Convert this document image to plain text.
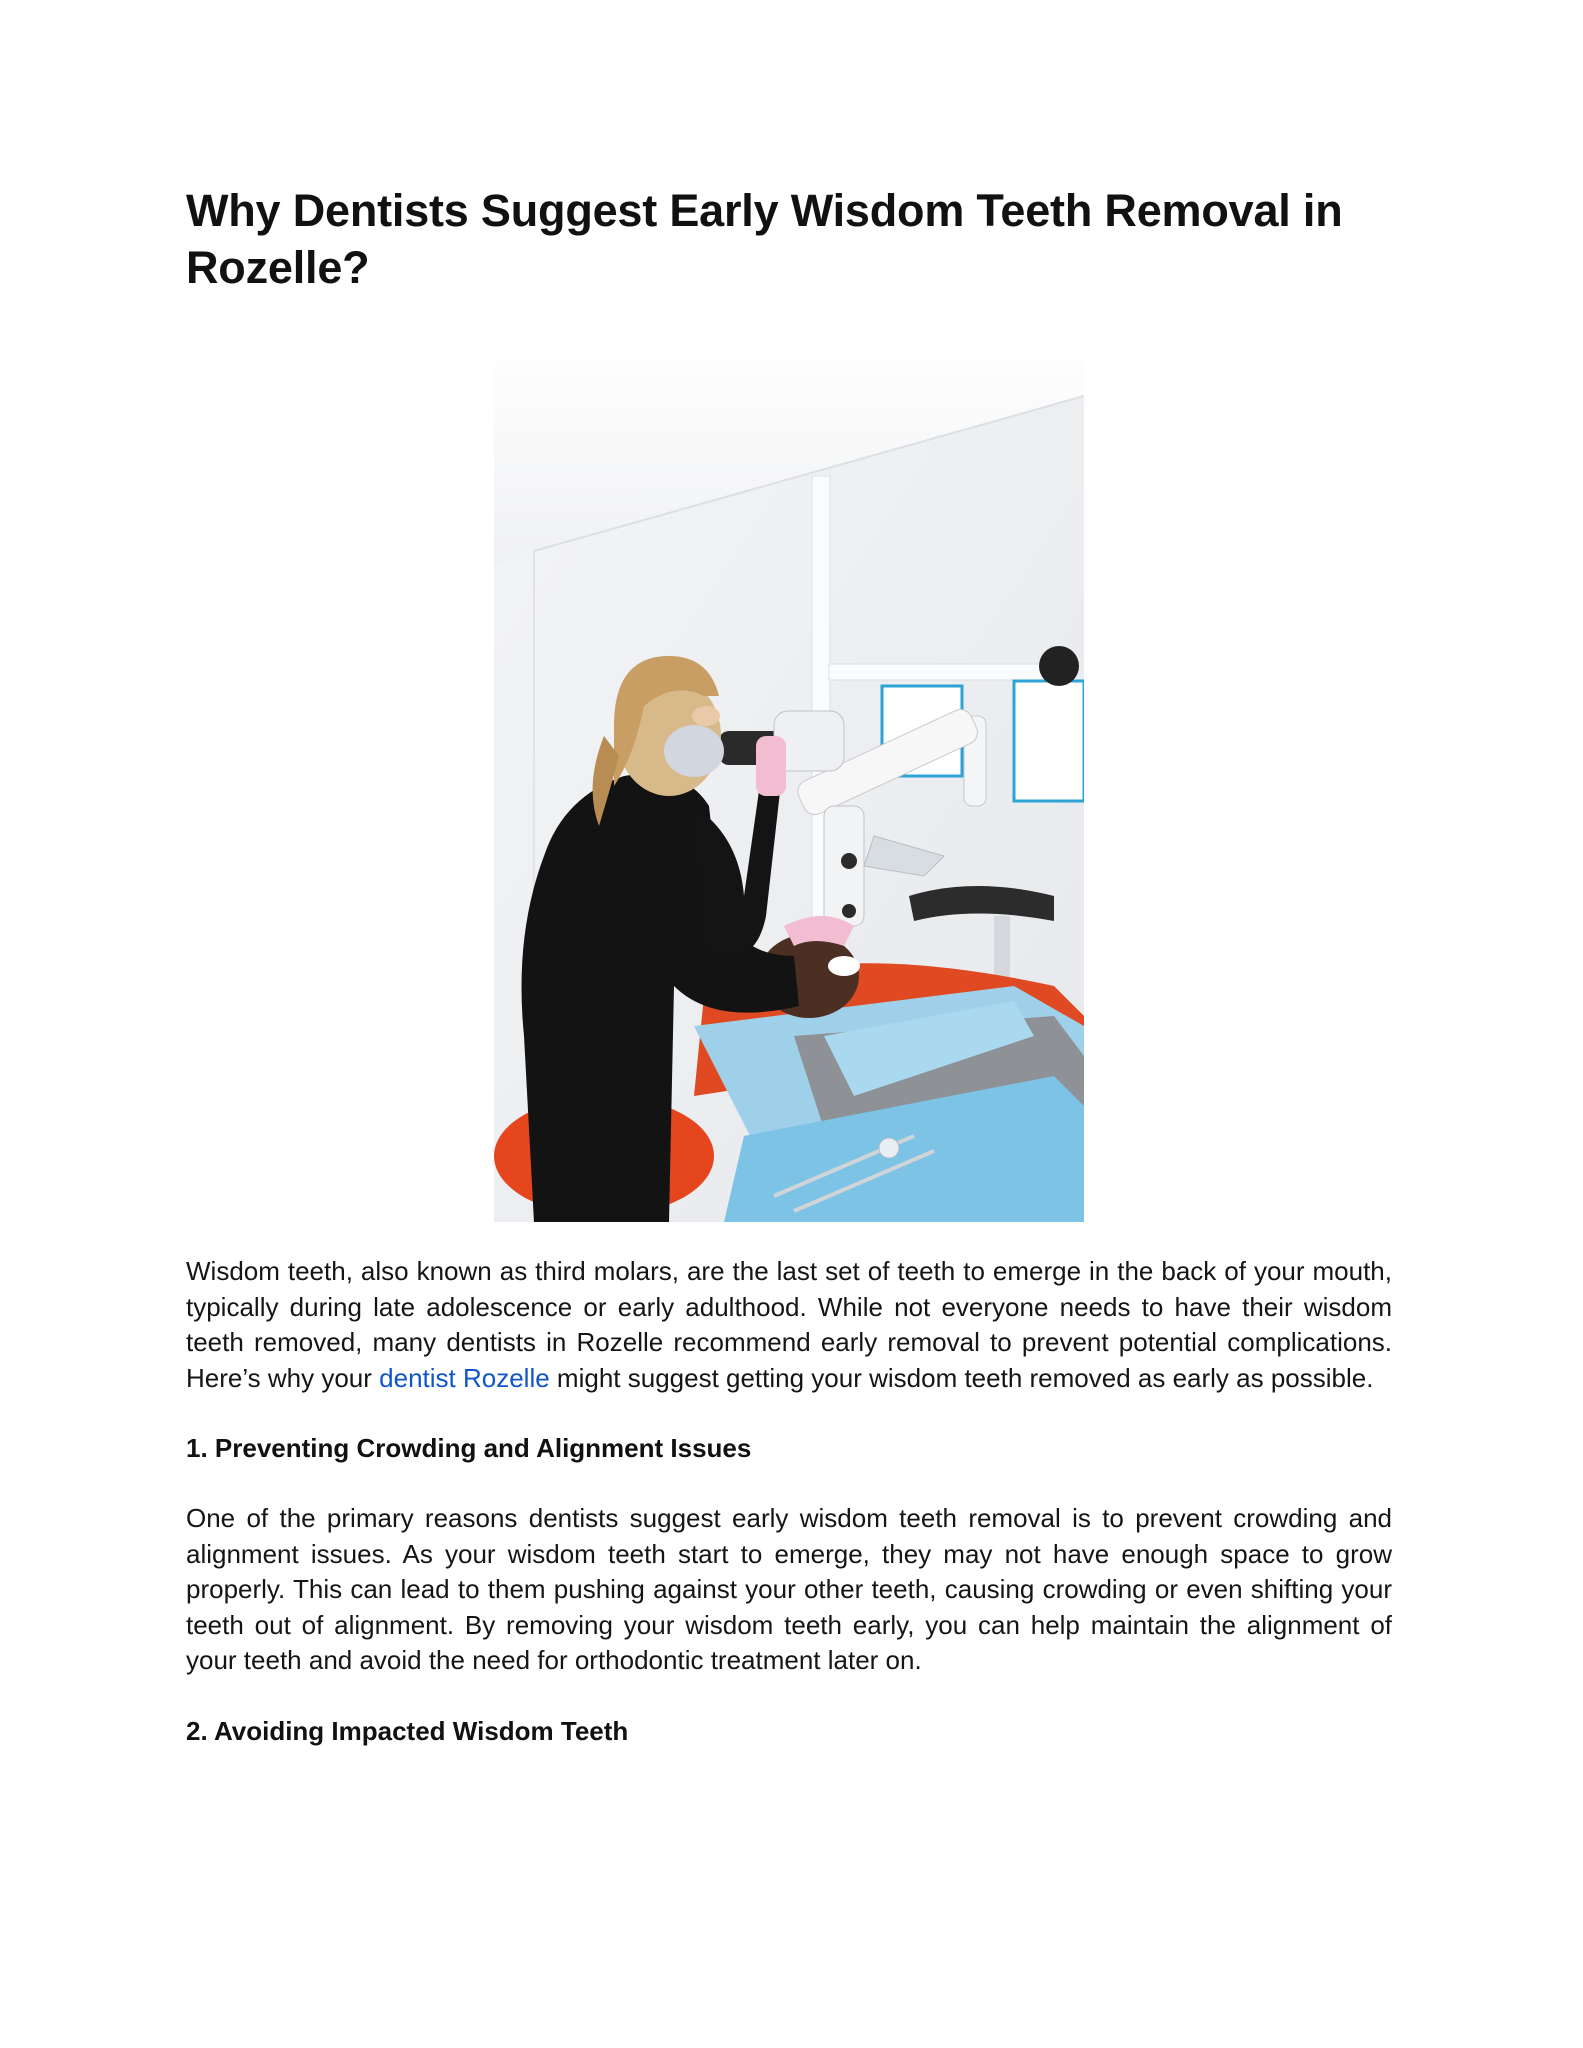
Why Dentists Suggest Early Wisdom Teeth Removal in Rozelle?

Wisdom teeth, also known as third molars, are the last set of teeth to emerge in the back of your mouth, typically during late adolescence or early adulthood. While not everyone needs to have their wisdom teeth removed, many dentists in Rozelle recommend early removal to prevent potential complications. Here’s why your dentist Rozelle might suggest getting your wisdom teeth removed as early as possible.

1. Preventing Crowding and Alignment Issues

One of the primary reasons dentists suggest early wisdom teeth removal is to prevent crowding and alignment issues. As your wisdom teeth start to emerge, they may not have enough space to grow properly. This can lead to them pushing against your other teeth, causing crowding or even shifting your teeth out of alignment. By removing your wisdom teeth early, you can help maintain the alignment of your teeth and avoid the need for orthodontic treatment later on.

2. Avoiding Impacted Wisdom Teeth
